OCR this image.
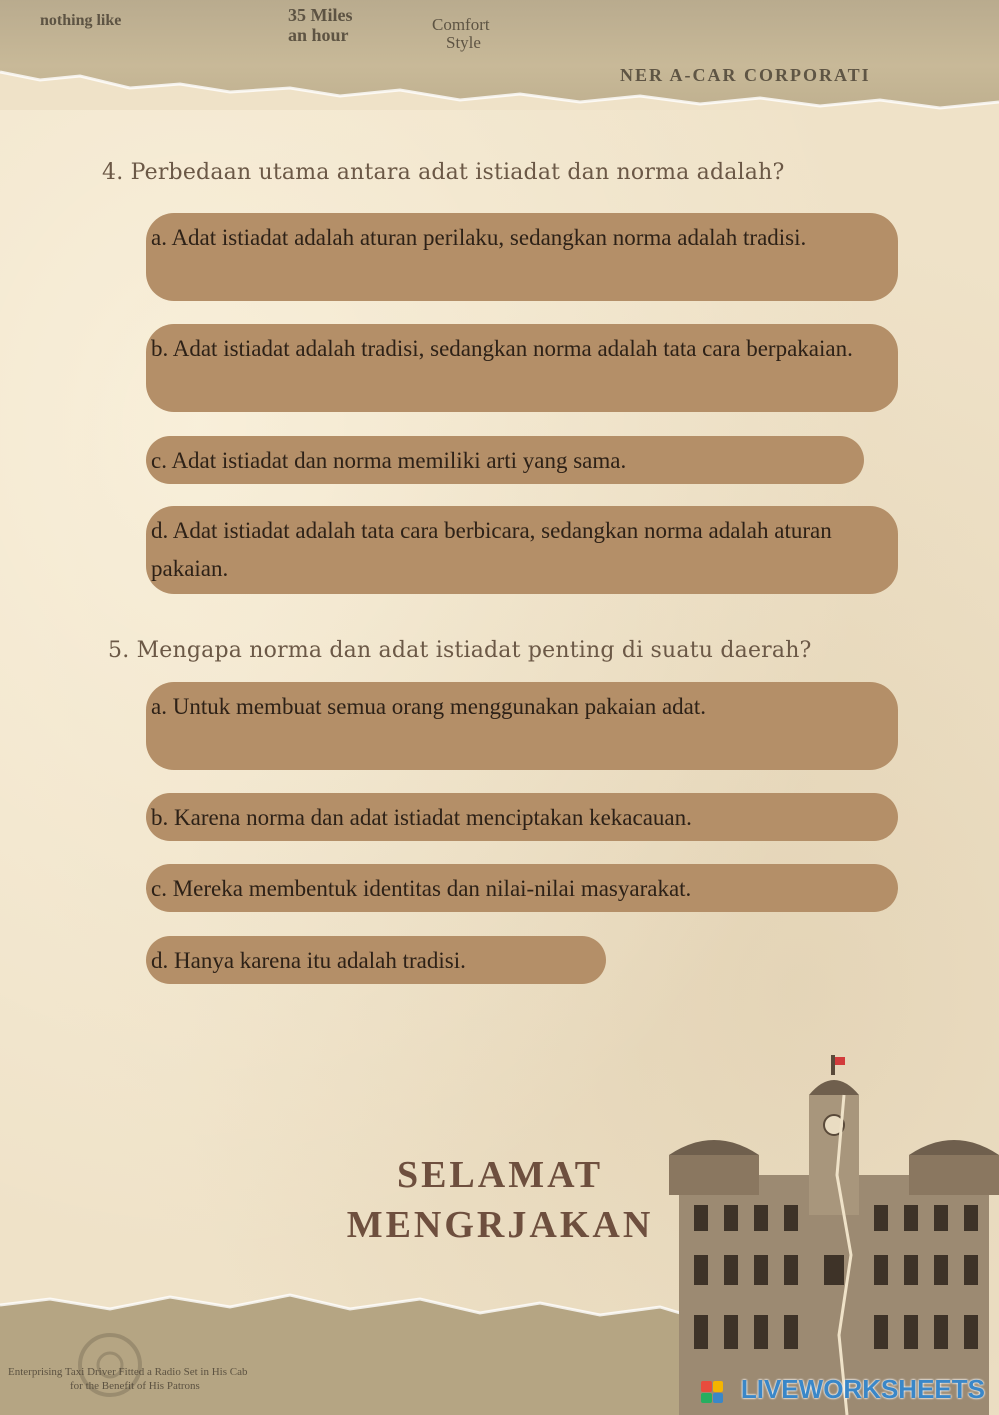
35 Miles
an hour
Comfort
Style
nothing like
NER A-CAR CORPORATI

4. Perbedaan utama antara adat istiadat dan norma adalah?

a. Adat istiadat adalah aturan perilaku, sedangkan norma adalah tradisi.
b. Adat istiadat adalah tradisi, sedangkan norma adalah tata cara berpakaian.
c. Adat istiadat dan norma memiliki arti yang sama.
d. Adat istiadat adalah tata cara berbicara, sedangkan norma adalah aturan pakaian.

5. Mengapa norma dan adat istiadat penting di suatu daerah?

a. Untuk membuat semua orang menggunakan pakaian adat.
b. Karena norma dan adat istiadat menciptakan kekacauan.
c. Mereka membentuk identitas dan nilai-nilai masyarakat.
d. Hanya karena itu adalah tradisi.
SELAMAT
MENGRJAKAN
Enterprising Taxi Driver Fitted a Radio Set in His Cab
for the Benefit of His Patrons	LIVEWORKSHEETS
